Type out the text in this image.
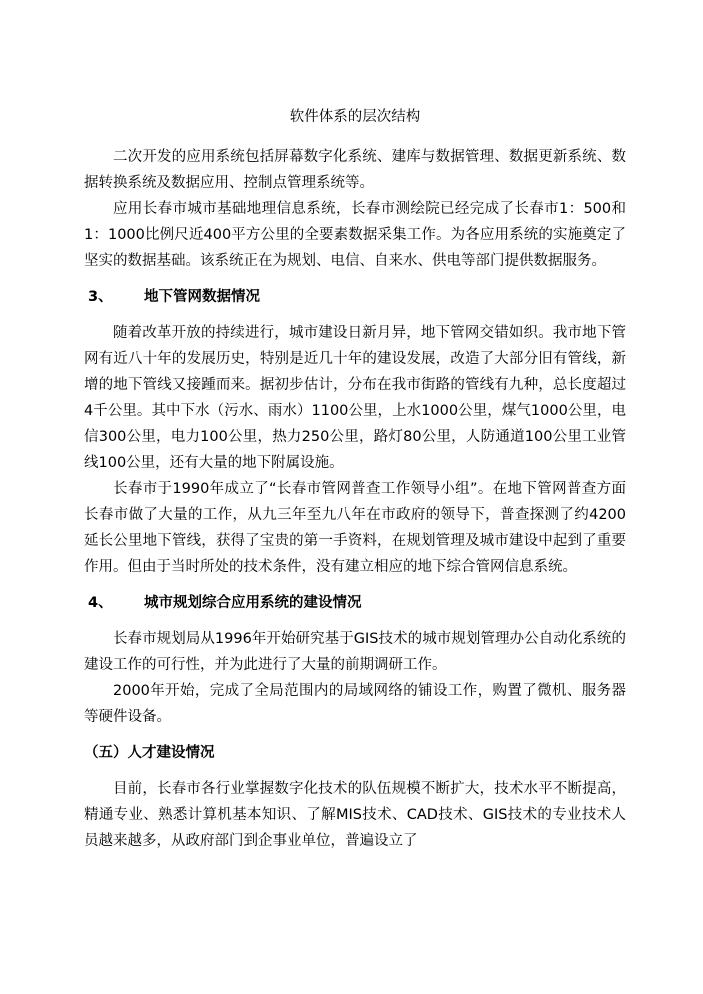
软件体系的层次结构

二次开发的应用系统包括屏幕数字化系统、建库与数据管理、数据更新系统、数据转换系统及数据应用、控制点管理系统等。

应用长春市城市基础地理信息系统，长春市测绘院已经完成了长春市1：500和1：1000比例尺近400平方公里的全要素数据采集工作。为各应用系统的实施奠定了坚实的数据基础。该系统正在为规划、电信、自来水、供电等部门提供数据服务。

3、	地下管网数据情况

随着改革开放的持续进行，城市建设日新月异，地下管网交错如织。我市地下管网有近八十年的发展历史，特别是近几十年的建设发展，改造了大部分旧有管线，新增的地下管线又接踵而来。据初步估计，分布在我市街路的管线有九种，总长度超过4千公里。其中下水（污水、雨水）1100公里，上水1000公里，煤气1000公里，电信300公里，电力100公里，热力250公里，路灯80公里，人防通道100公里工业管线100公里，还有大量的地下附属设施。

长春市于1990年成立了“长春市管网普查工作领导小组”。在地下管网普查方面长春市做了大量的工作，从九三年至九八年在市政府的领导下，普查探测了约4200延长公里地下管线，获得了宝贵的第一手资料，在规划管理及城市建设中起到了重要作用。但由于当时所处的技术条件，没有建立相应的地下综合管网信息系统。

4、	城市规划综合应用系统的建设情况

长春市规划局从1996年开始研究基于GIS技术的城市规划管理办公自动化系统的建设工作的可行性，并为此进行了大量的前期调研工作。

2000年开始，完成了全局范围内的局域网络的铺设工作，购置了微机、服务器等硬件设备。

（五）人才建设情况

目前，长春市各行业掌握数字化技术的队伍规模不断扩大，技术水平不断提高，精通专业、熟悉计算机基本知识、了解MIS技术、CAD技术、GIS技术的专业技术人员越来越多，从政府部门到企事业单位，普遍设立了
